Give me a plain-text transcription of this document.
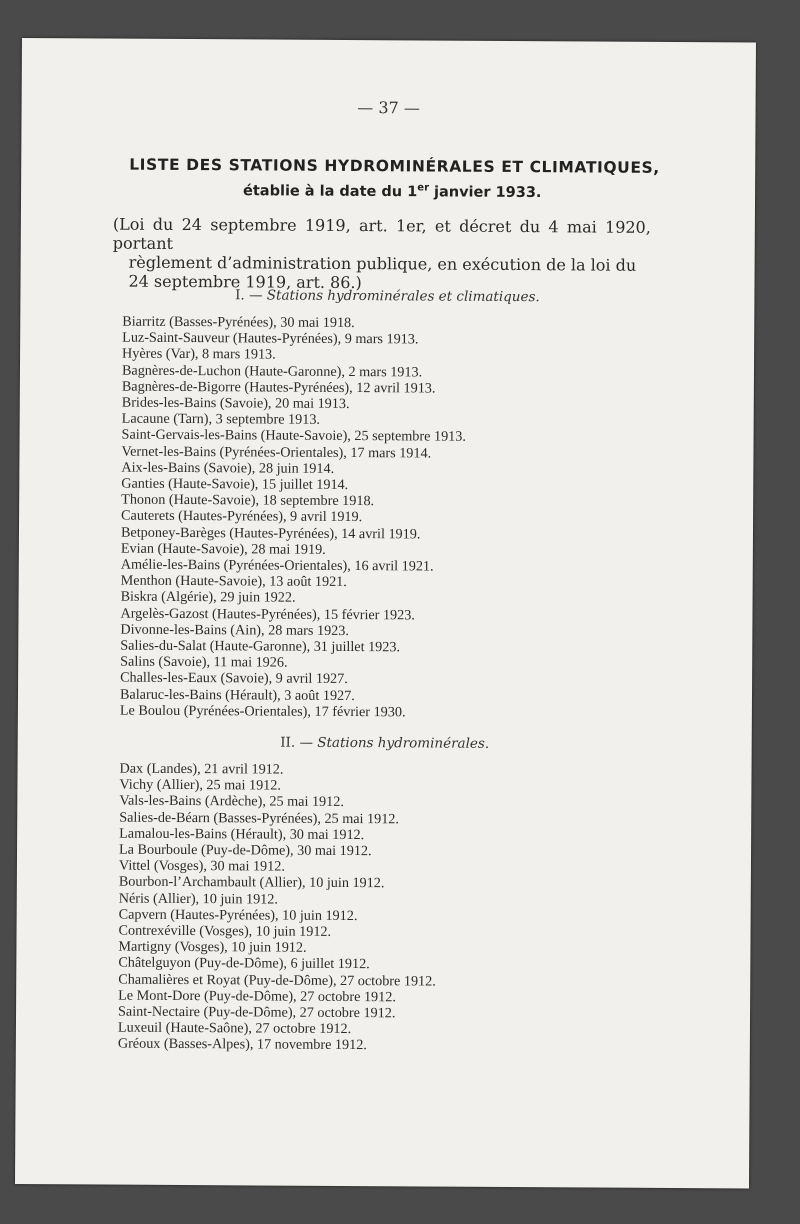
— 37 —
LISTE DES STATIONS HYDROMINÉRALES ET CLIMATIQUES,
établie à la date du 1er janvier 1933.
(Loi du 24 septembre 1919, art. 1er, et décret du 4 mai 1920, portant
règlement d’administration publique, en exécution de la loi du
24 septembre 1919, art. 86.)
I. — Stations hydrominérales et climatiques.
Biarritz (Basses-Pyrénées), 30 mai 1918.
Luz-Saint-Sauveur (Hautes-Pyrénées), 9 mars 1913.
Hyères (Var), 8 mars 1913.
Bagnères-de-Luchon (Haute-Garonne), 2 mars 1913.
Bagnères-de-Bigorre (Hautes-Pyrénées), 12 avril 1913.
Brides-les-Bains (Savoie), 20 mai 1913.
Lacaune (Tarn), 3 septembre 1913.
Saint-Gervais-les-Bains (Haute-Savoie), 25 septembre 1913.
Vernet-les-Bains (Pyrénées-Orientales), 17 mars 1914.
Aix-les-Bains (Savoie), 28 juin 1914.
Ganties (Haute-Savoie), 15 juillet 1914.
Thonon (Haute-Savoie), 18 septembre 1918.
Cauterets (Hautes-Pyrénées), 9 avril 1919.
Betponey-Barèges (Hautes-Pyrénées), 14 avril 1919.
Evian (Haute-Savoie), 28 mai 1919.
Amélie-les-Bains (Pyrénées-Orientales), 16 avril 1921.
Menthon (Haute-Savoie), 13 août 1921.
Biskra (Algérie), 29 juin 1922.
Argelès-Gazost (Hautes-Pyrénées), 15 février 1923.
Divonne-les-Bains (Ain), 28 mars 1923.
Salies-du-Salat (Haute-Garonne), 31 juillet 1923.
Salins (Savoie), 11 mai 1926.
Challes-les-Eaux (Savoie), 9 avril 1927.
Balaruc-les-Bains (Hérault), 3 août 1927.
Le Boulou (Pyrénées-Orientales), 17 février 1930.
II. — Stations hydrominérales.
Dax (Landes), 21 avril 1912.
Vichy (Allier), 25 mai 1912.
Vals-les-Bains (Ardèche), 25 mai 1912.
Salies-de-Béarn (Basses-Pyrénées), 25 mai 1912.
Lamalou-les-Bains (Hérault), 30 mai 1912.
La Bourboule (Puy-de-Dôme), 30 mai 1912.
Vittel (Vosges), 30 mai 1912.
Bourbon-l’Archambault (Allier), 10 juin 1912.
Néris (Allier), 10 juin 1912.
Capvern (Hautes-Pyrénées), 10 juin 1912.
Contrexéville (Vosges), 10 juin 1912.
Martigny (Vosges), 10 juin 1912.
Châtelguyon (Puy-de-Dôme), 6 juillet 1912.
Chamalières et Royat (Puy-de-Dôme), 27 octobre 1912.
Le Mont-Dore (Puy-de-Dôme), 27 octobre 1912.
Saint-Nectaire (Puy-de-Dôme), 27 octobre 1912.
Luxeuil (Haute-Saône), 27 octobre 1912.
Gréoux (Basses-Alpes), 17 novembre 1912.
